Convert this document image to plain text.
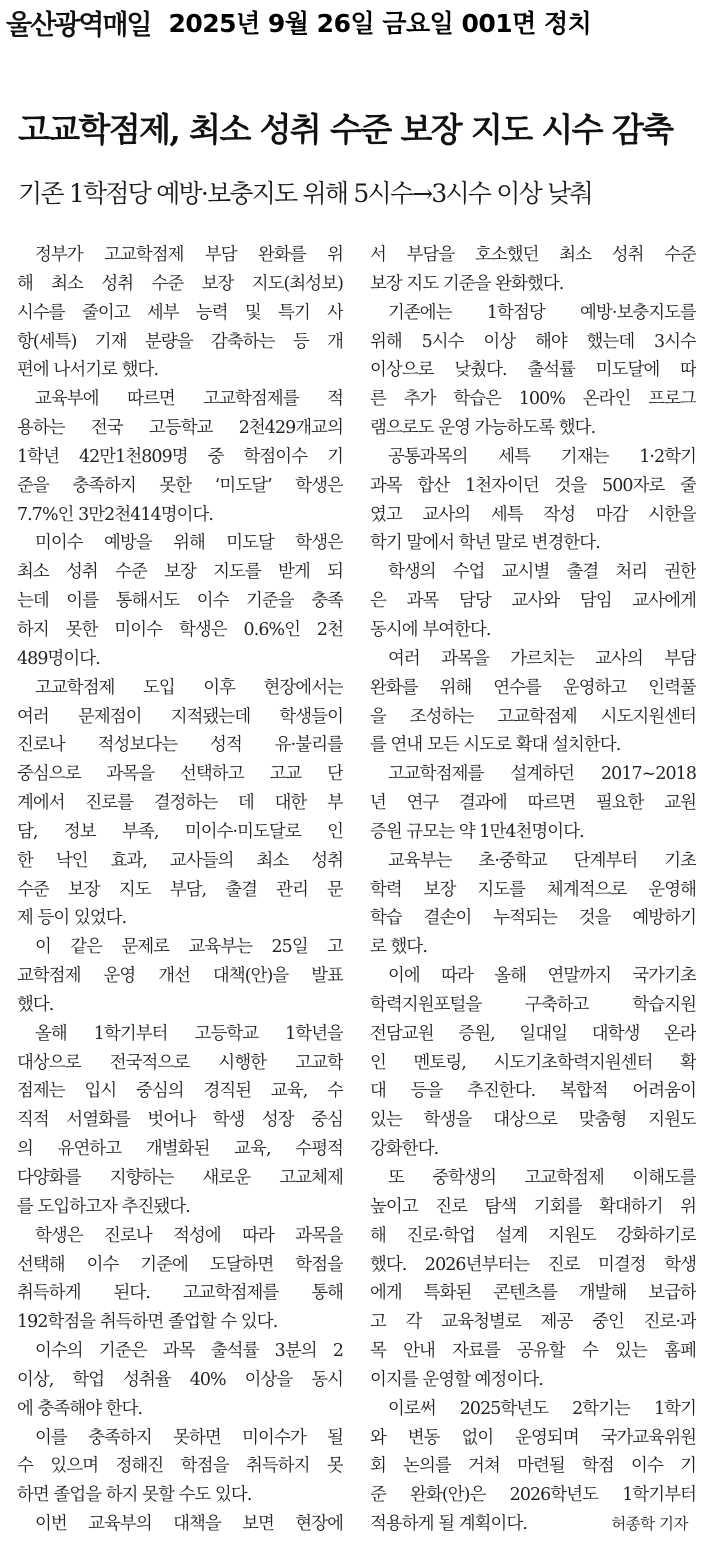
울산광역매일 2025년 9월 26일 금요일 001면 정치
고교학점제, 최소 성취 수준 보장 지도 시수 감축
기존 1학점당 예방·보충지도 위해 5시수→3시수 이상 낮춰
정부가 고교학점제 부담 완화를 위
해 최소 성취 수준 보장 지도(최성보)
시수를 줄이고 세부 능력 및 특기 사
항(세특) 기재 분량을 감축하는 등 개
편에 나서기로 했다.
교육부에 따르면 고교학점제를 적
용하는 전국 고등학교 2천429개교의
1학년 42만1천809명 중 학점이수 기
준을 충족하지 못한 ‘미도달’ 학생은
7.7%인 3만2천414명이다.
미이수 예방을 위해 미도달 학생은
최소 성취 수준 보장 지도를 받게 되
는데 이를 통해서도 이수 기준을 충족
하지 못한 미이수 학생은 0.6%인 2천
489명이다.
고교학점제 도입 이후 현장에서는
여러 문제점이 지적됐는데 학생들이
진로나 적성보다는 성적 유·불리를
중심으로 과목을 선택하고 고교 단
계에서 진로를 결정하는 데 대한 부
담, 정보 부족, 미이수·미도달로 인
한 낙인 효과, 교사들의 최소 성취
수준 보장 지도 부담, 출결 관리 문
제 등이 있었다.
이 같은 문제로 교육부는 25일 고
교학점제 운영 개선 대책(안)을 발표
했다.
올해 1학기부터 고등학교 1학년을
대상으로 전국적으로 시행한 고교학
점제는 입시 중심의 경직된 교육, 수
직적 서열화를 벗어나 학생 성장 중심
의 유연하고 개별화된 교육, 수평적
다양화를 지향하는 새로운 고교체제
를 도입하고자 추진됐다.
학생은 진로나 적성에 따라 과목을
선택해 이수 기준에 도달하면 학점을
취득하게 된다. 고교학점제를 통해
192학점을 취득하면 졸업할 수 있다.
이수의 기준은 과목 출석률 3분의 2
이상, 학업 성취율 40% 이상을 동시
에 충족해야 한다.
이를 충족하지 못하면 미이수가 될
수 있으며 정해진 학점을 취득하지 못
하면 졸업을 하지 못할 수도 있다.
이번 교육부의 대책을 보면 현장에
서 부담을 호소했던 최소 성취 수준
보장 지도 기준을 완화했다.
기존에는 1학점당 예방·보충지도를
위해 5시수 이상 해야 했는데 3시수
이상으로 낮췄다. 출석률 미도달에 따
른 추가 학습은 100% 온라인 프로그
램으로도 운영 가능하도록 했다.
공통과목의 세특 기재는 1·2학기
과목 합산 1천자이던 것을 500자로 줄
였고 교사의 세특 작성 마감 시한을
학기 말에서 학년 말로 변경한다.
학생의 수업 교시별 출결 처리 권한
은 과목 담당 교사와 담임 교사에게
동시에 부여한다.
여러 과목을 가르치는 교사의 부담
완화를 위해 연수를 운영하고 인력풀
을 조성하는 고교학점제 시도지원센터
를 연내 모든 시도로 확대 설치한다.
고교학점제를 설계하던 2017~2018
년 연구 결과에 따르면 필요한 교원
증원 규모는 약 1만4천명이다.
교육부는 초·중학교 단계부터 기초
학력 보장 지도를 체계적으로 운영해
학습 결손이 누적되는 것을 예방하기
로 했다.
이에 따라 올해 연말까지 국가기초
학력지원포털을 구축하고 학습지원
전담교원 증원, 일대일 대학생 온라
인 멘토링, 시도기초학력지원센터 확
대 등을 추진한다. 복합적 어려움이
있는 학생을 대상으로 맞춤형 지원도
강화한다.
또 중학생의 고교학점제 이해도를
높이고 진로 탐색 기회를 확대하기 위
해 진로·학업 설계 지원도 강화하기로
했다. 2026년부터는 진로 미결정 학생
에게 특화된 콘텐츠를 개발해 보급하
고 각 교육청별로 제공 중인 진로·과
목 안내 자료를 공유할 수 있는 홈페
이지를 운영할 예정이다.
이로써 2025학년도 2학기는 1학기
와 변동 없이 운영되며 국가교육위원
회 논의를 거쳐 마련될 학점 이수 기
준 완화(안)은 2026학년도 1학기부터
적용하게 될 계획이다.	허종학 기자
